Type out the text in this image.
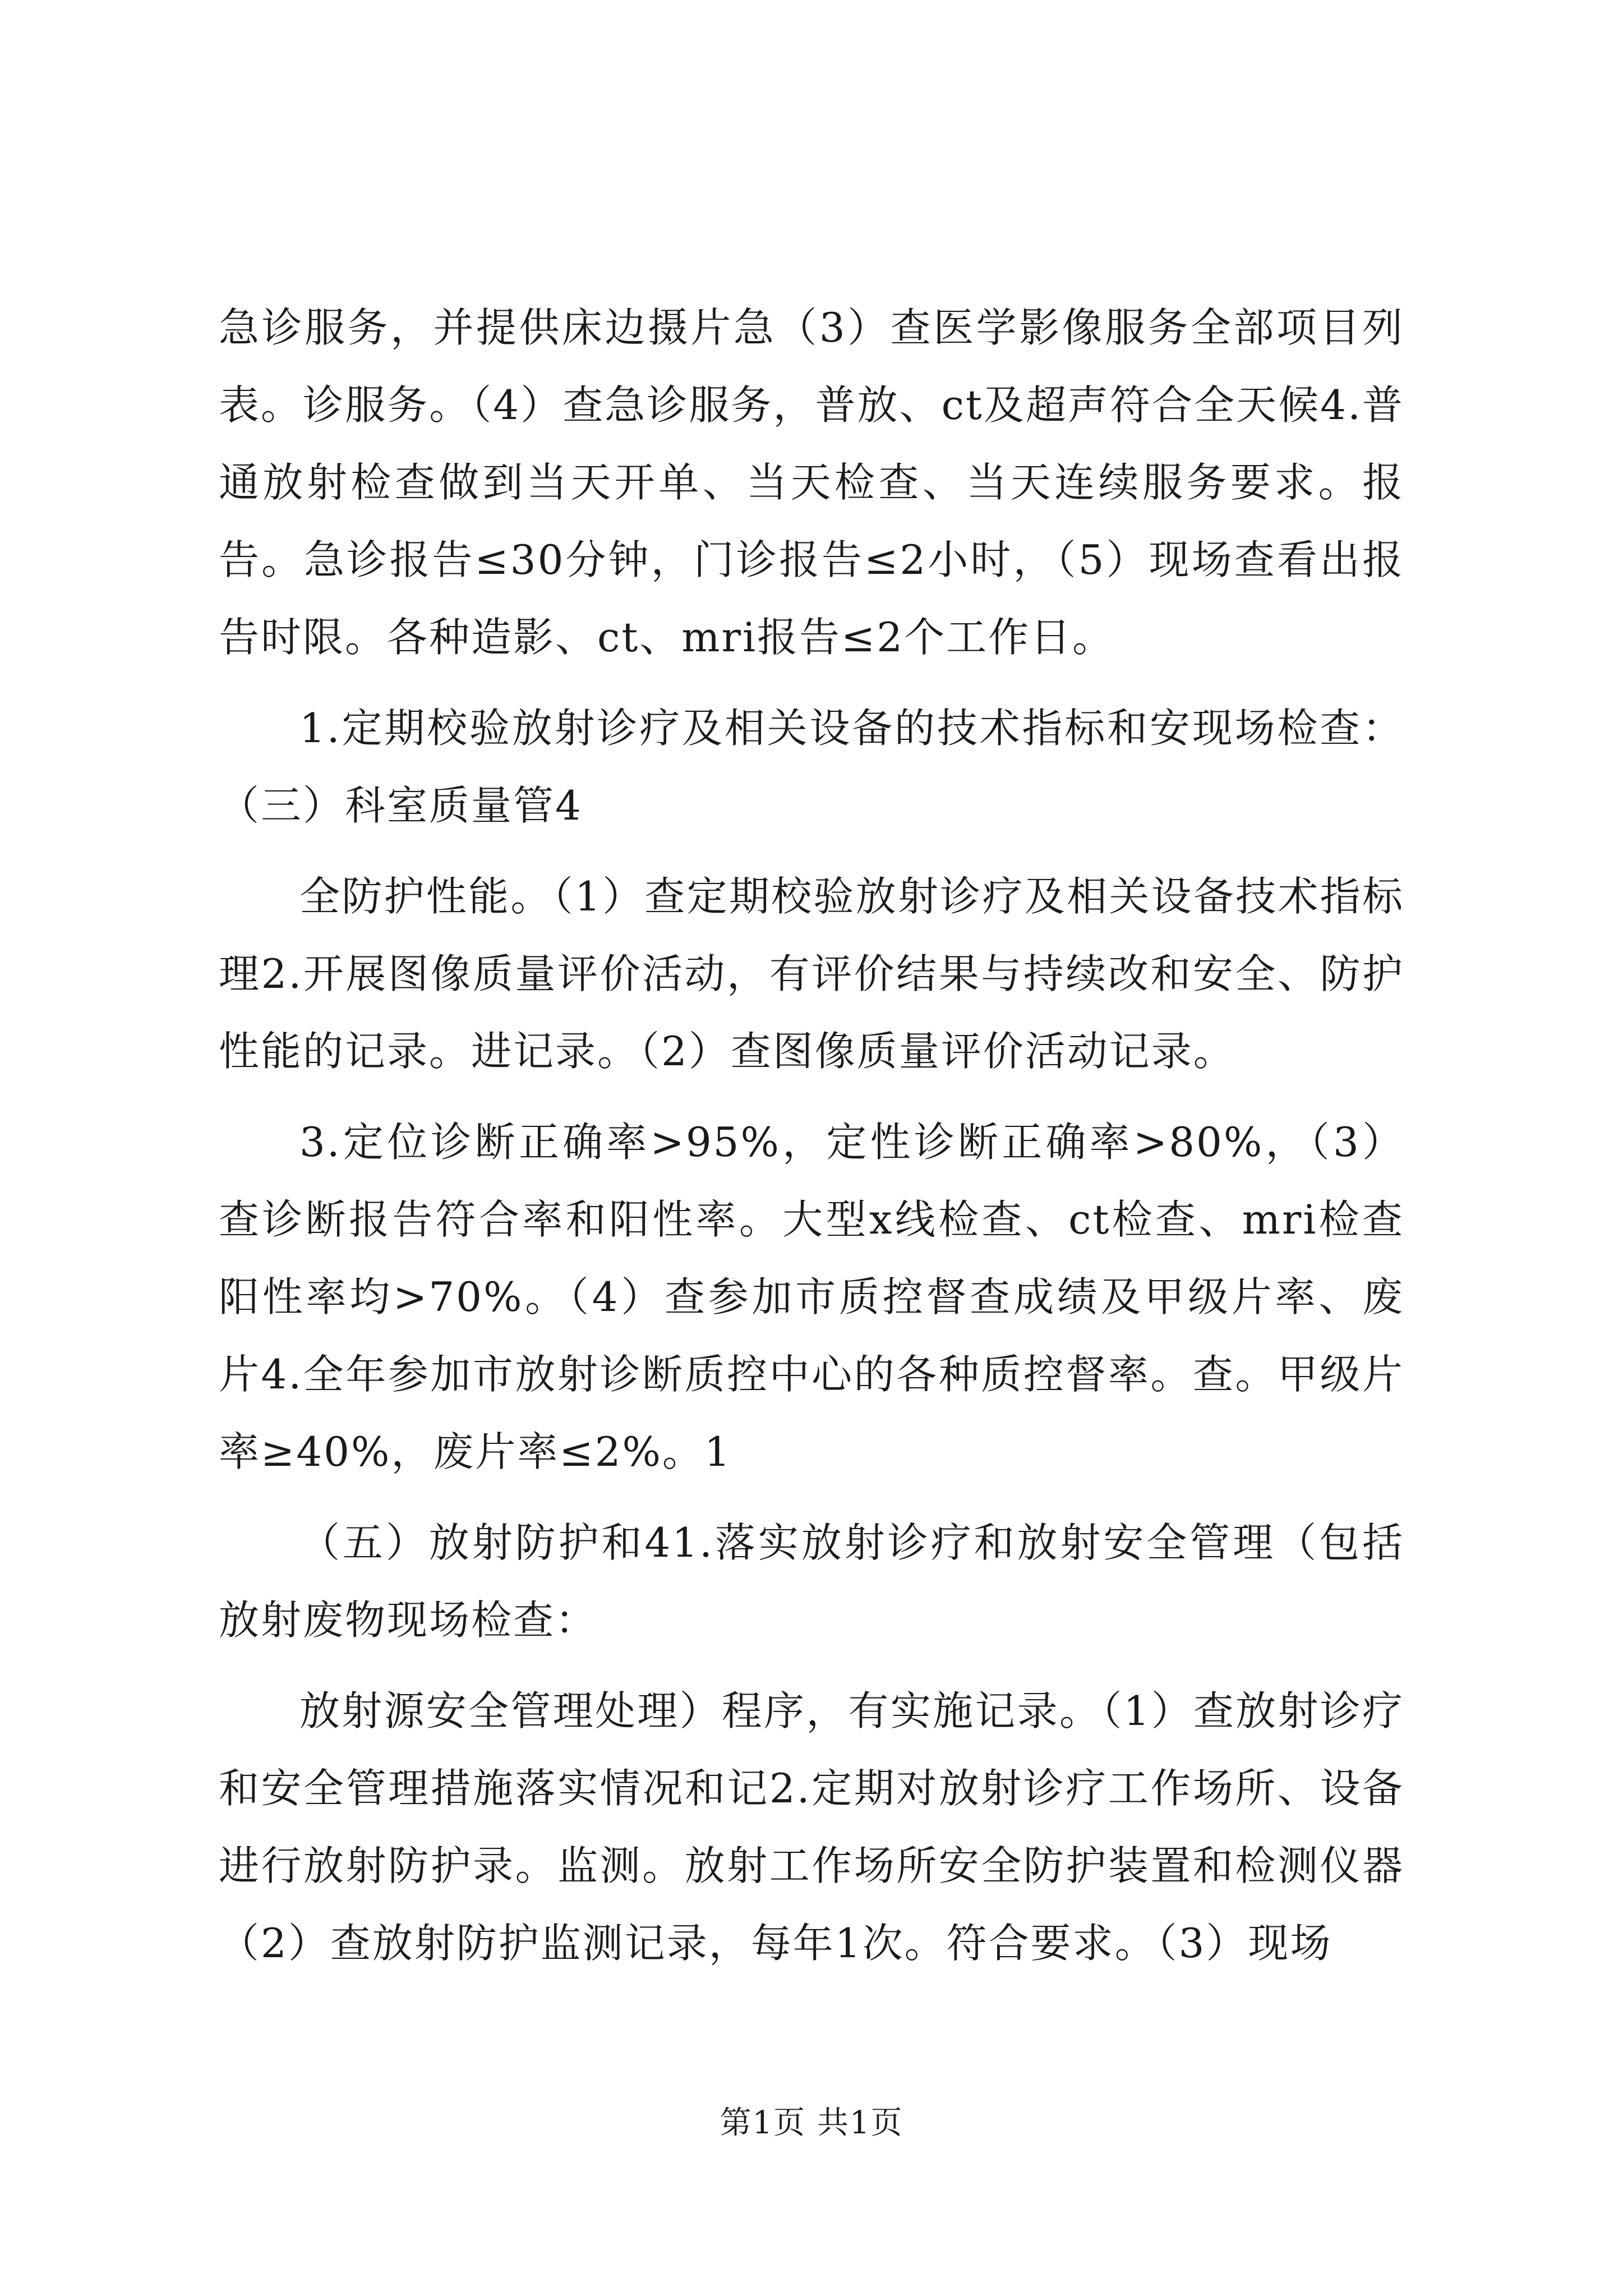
急诊服务，并提供床边摄片急（3）查医学影像服务全部项目列表。诊服务。（4）查急诊服务，普放、ct及超声符合全天候4.普通放射检查做到当天开单、当天检查、当天连续服务要求。报告。急诊报告≤30分钟，门诊报告≤2小时，（5）现场查看出报告时限。各种造影、ct、mri报告≤2个工作日。

1.定期校验放射诊疗及相关设备的技术指标和安现场检查：（三）科室质量管4

全防护性能。（1）查定期校验放射诊疗及相关设备技术指标理2.开展图像质量评价活动，有评价结果与持续改和安全、防护性能的记录。进记录。（2）查图像质量评价活动记录。

3.定位诊断正确率>95%，定性诊断正确率>80%，（3）查诊断报告符合率和阳性率。大型x线检查、ct检查、mri检查阳性率均>70%。（4）查参加市质控督查成绩及甲级片率、废片4.全年参加市放射诊断质控中心的各种质控督率。查。甲级片率≥40%，废片率≤2%。1

（五）放射防护和41.落实放射诊疗和放射安全管理（包括放射废物现场检查：

放射源安全管理处理）程序，有实施记录。（1）查放射诊疗和安全管理措施落实情况和记2.定期对放射诊疗工作场所、设备进行放射防护录。监测。放射工作场所安全防护装置和检测仪器（2）查放射防护监测记录，每年1次。符合要求。（3）现场

第1页 共1页
